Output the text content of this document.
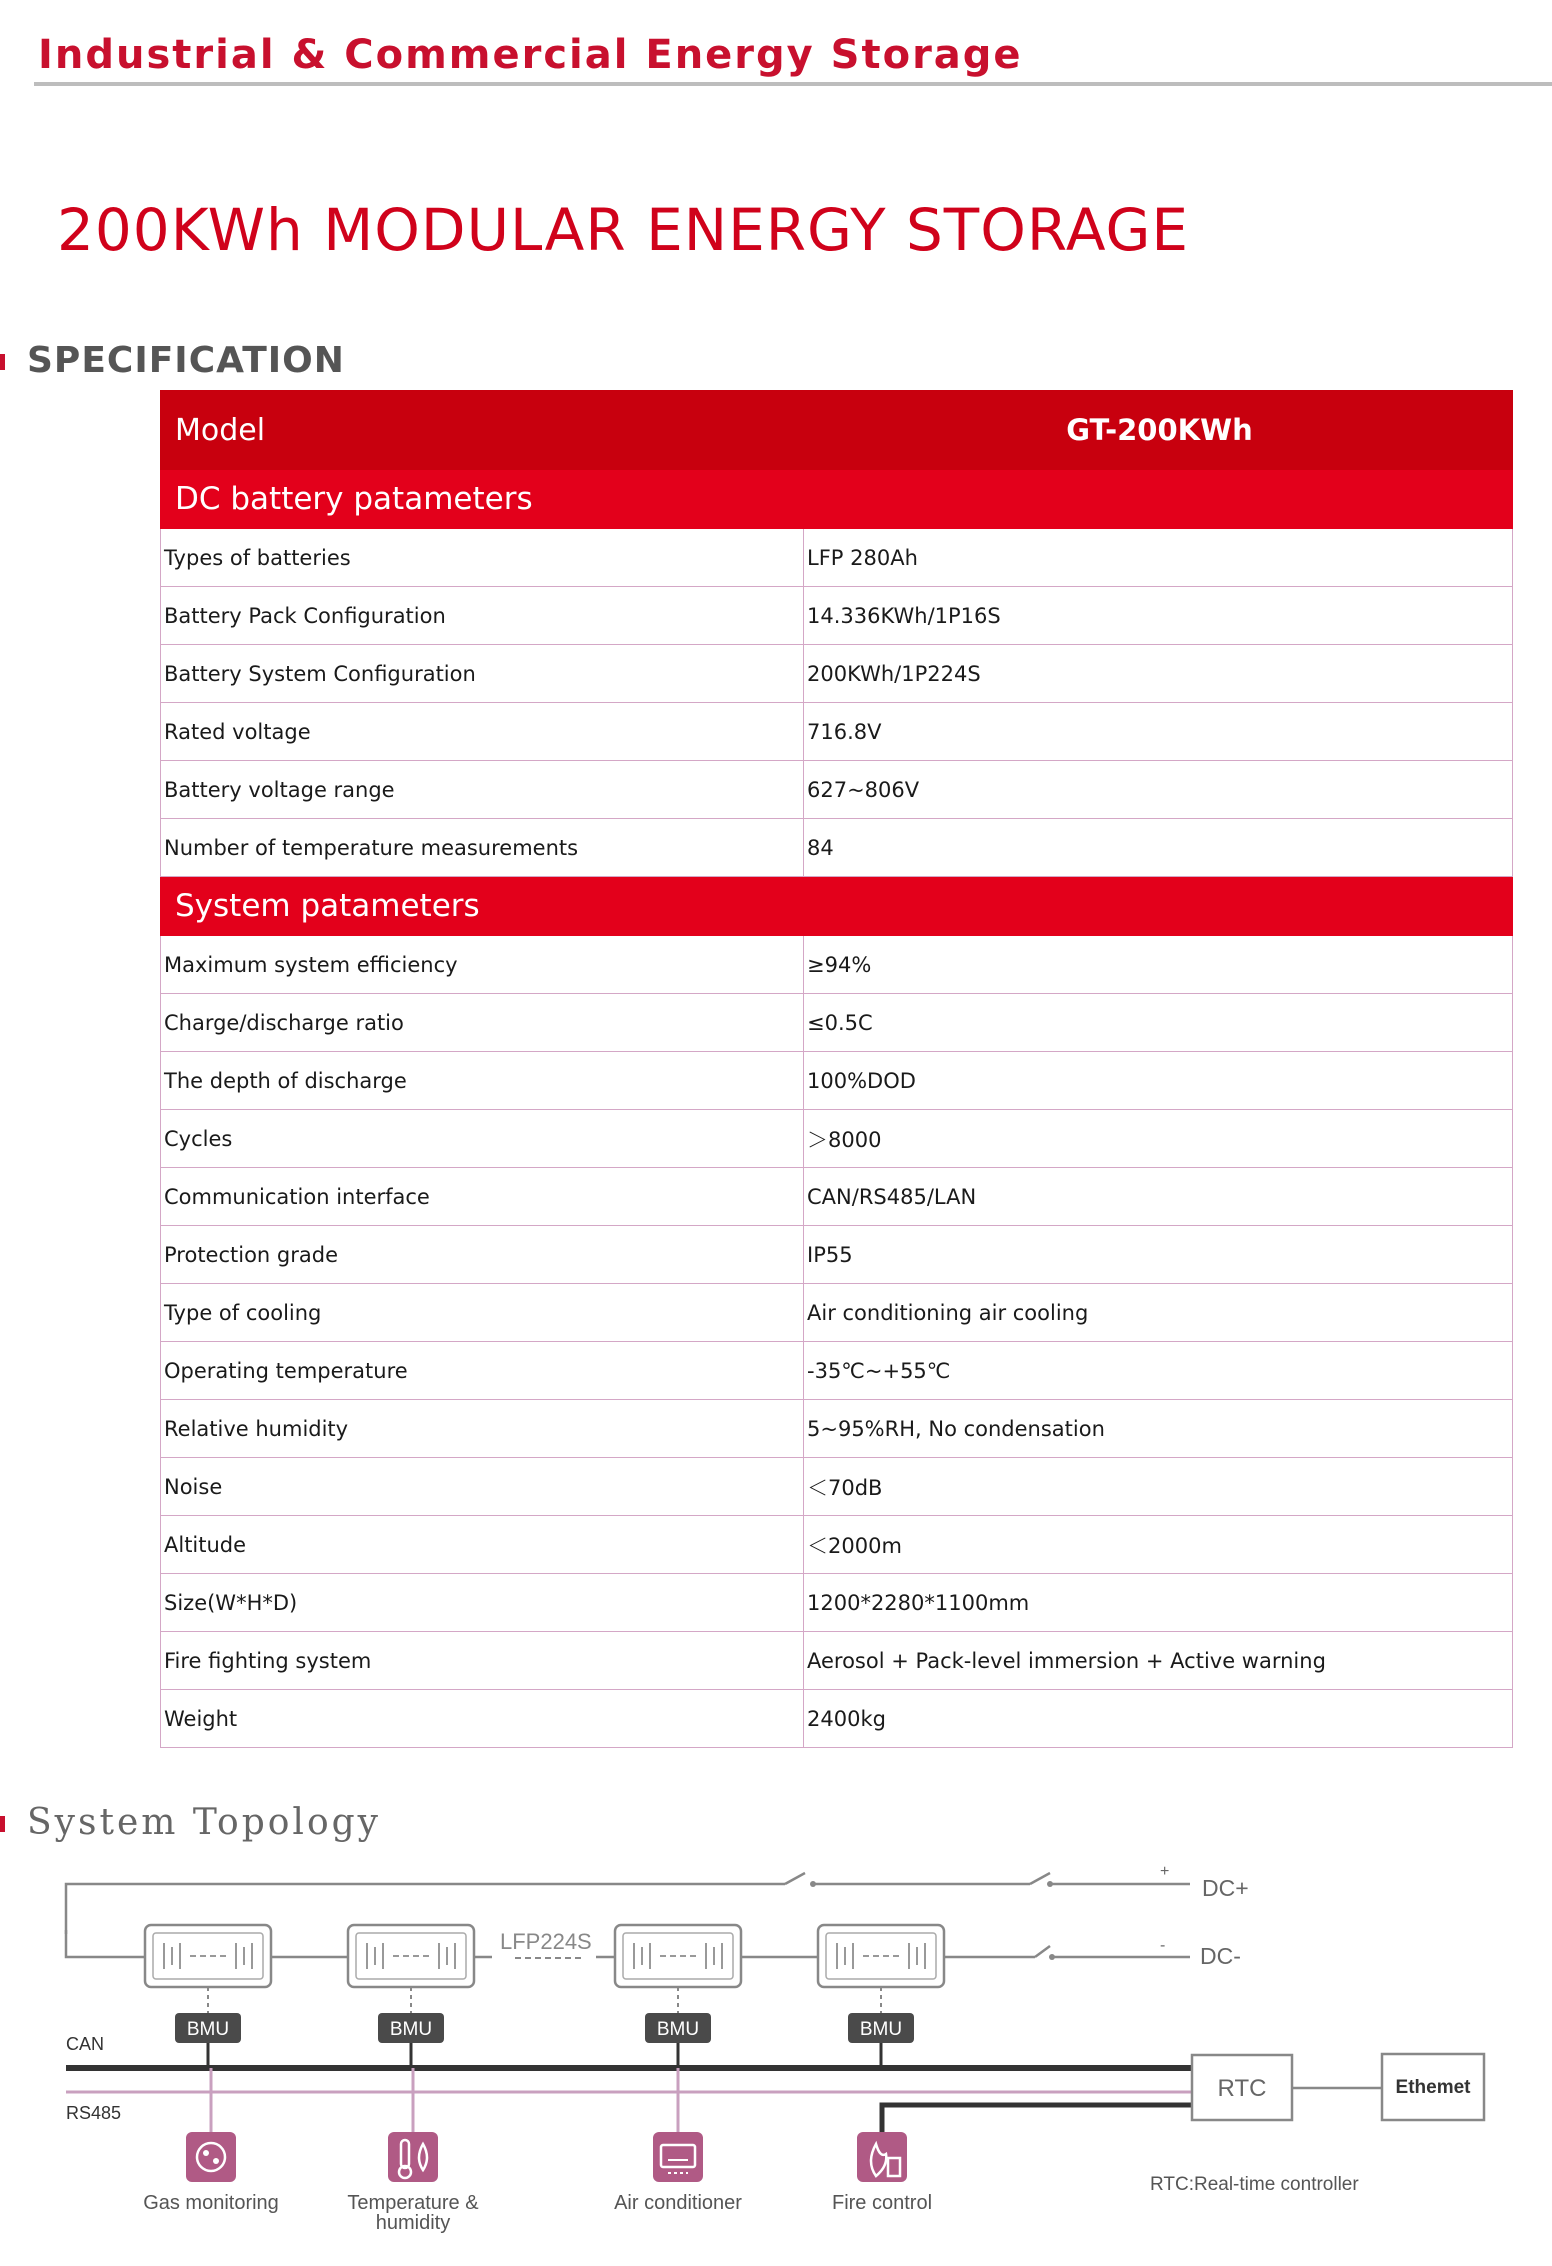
Industrial & Commercial Energy Storage
200KWh MODULAR ENERGY STORAGE
SPECIFICATION
Model	GT-200KWh
DC battery patameters	
Types of batteries	LFP 280Ah
Battery Pack Configuration	14.336KWh/1P16S
Battery System Configuration	200KWh/1P224S
Rated voltage	716.8V
Battery voltage range	627~806V
Number of temperature measurements	84
System patameters	
Maximum system efficiency	≥94%
Charge/discharge ratio	≤0.5C
The depth of discharge	100%DOD
Cycles	＞8000
Communication interface	CAN/RS485/LAN
Protection grade	IP55
Type of cooling	Air conditioning air cooling
Operating temperature	-35℃~+55℃
Relative humidity	5~95%RH, No condensation
Noise	＜70dB
Altitude	＜2000m
Size(W*H*D)	1200*2280*1100mm
Fire fighting system	Aerosol + Pack-level immersion + Active warning
Weight	2400kg
System Topology
+
DC+
- DC-
LFP224S
BMU	BMU	BMU	BMU
CAN
RS485
RTC	Ethemet
RTC:Real-time controller
Gas monitoring	Temperature &
humidity
Air conditioner	Fire control
